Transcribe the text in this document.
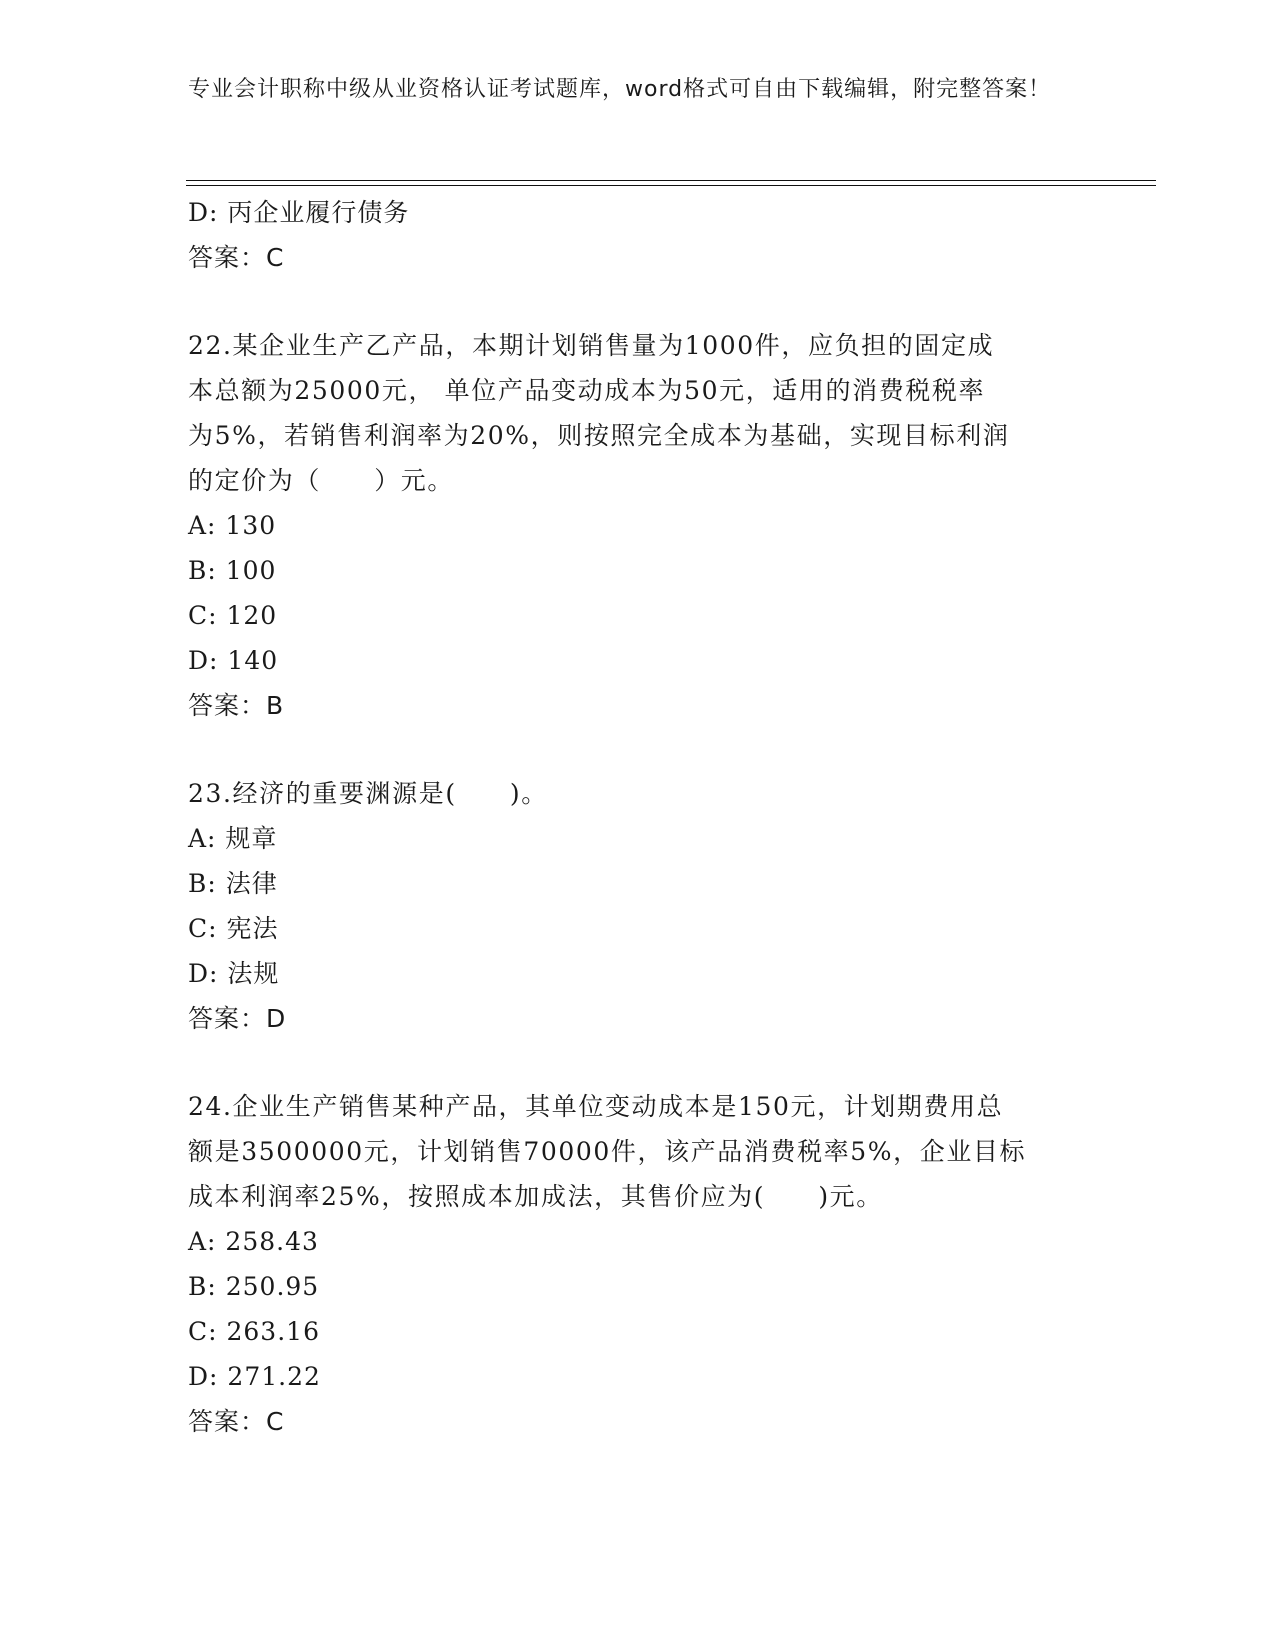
专业会计职称中级从业资格认证考试题库，word格式可自由下载编辑，附完整答案！
D: 丙企业履行债务
答案：C
22.某企业生产乙产品，本期计划销售量为1000件，应负担的固定成
本总额为25000元， 单位产品变动成本为50元，适用的消费税税率
为5%，若销售利润率为20%，则按照完全成本为基础，实现目标利润
的定价为（　　）元。
A: 130
B: 100
C: 120
D: 140
答案：B
23.经济的重要渊源是(　　)。
A: 规章
B: 法律
C: 宪法
D: 法规
答案：D
24.企业生产销售某种产品，其单位变动成本是150元，计划期费用总
额是3500000元，计划销售70000件，该产品消费税率5%，企业目标
成本利润率25%，按照成本加成法，其售价应为(　　)元。
A: 258.43
B: 250.95
C: 263.16
D: 271.22
答案：C
